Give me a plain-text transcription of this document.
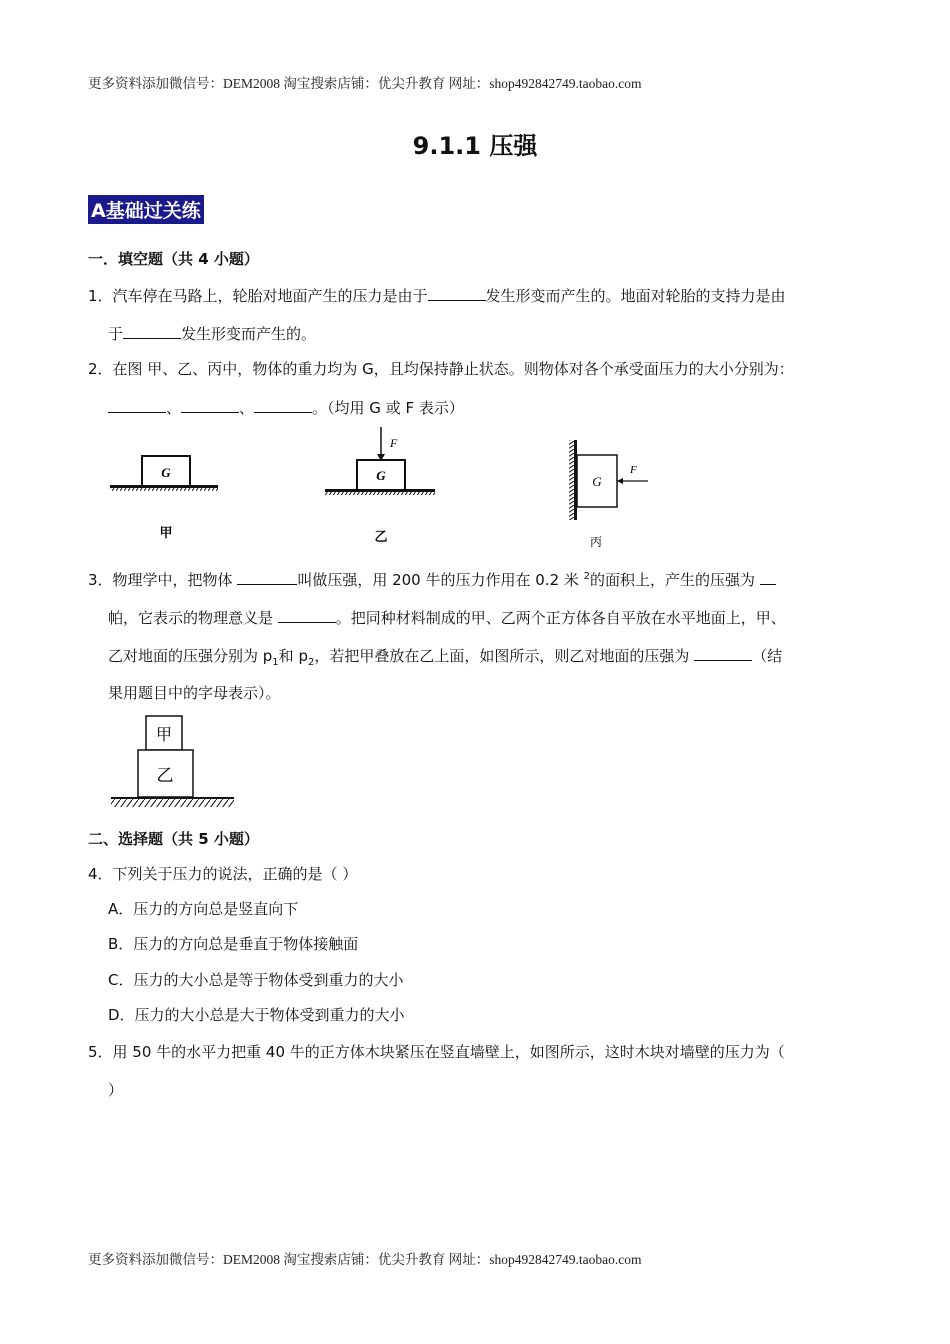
更多资料添加微信号：DEM2008 淘宝搜索店铺：优尖升教育 网址：shop492842749.taobao.com
9.1.1 压强
A基础过关练
一．填空题（共 4 小题）
1．汽车停在马路上，轮胎对地面产生的压力是由于	发生形变而产生的。地面对轮胎的支持力是由
于	发生形变而产生的。
2．在图 甲、乙、丙中，物体的重力均为 G，且均保持静止状态。则物体对各个承受面压力的大小分别为：
、	、	。（均用 G 或 F 表示）
G
甲
F
G
乙
F
G
丙
3．物理学中，把物体	叫做压强，用 200 牛的压力作用在 0.2 米 $^2$的面积上，产生的压强为
帕，它表示的物理意义是	。把同种材料制成的甲、乙两个正方体各自平放在水平地面上，甲、
乙对地面的压强分别为 $p_1$和 $p_2$，若把甲叠放在乙上面，如图所示，则乙对地面的压强为	（结
果用题目中的字母表示）。
甲
乙
二、选择题（共 5 小题）
4．下列关于压力的说法，正确的是（ ）
A．压力的方向总是竖直向下
B．压力的方向总是垂直于物体接触面
C．压力的大小总是等于物体受到重力的大小
D．压力的大小总是大于物体受到重力的大小
5．用 50 牛的水平力把重 40 牛的正方体木块紧压在竖直墙壁上，如图所示，这时木块对墙壁的压力为（
）
更多资料添加微信号：DEM2008 淘宝搜索店铺：优尖升教育 网址：shop492842749.taobao.com
